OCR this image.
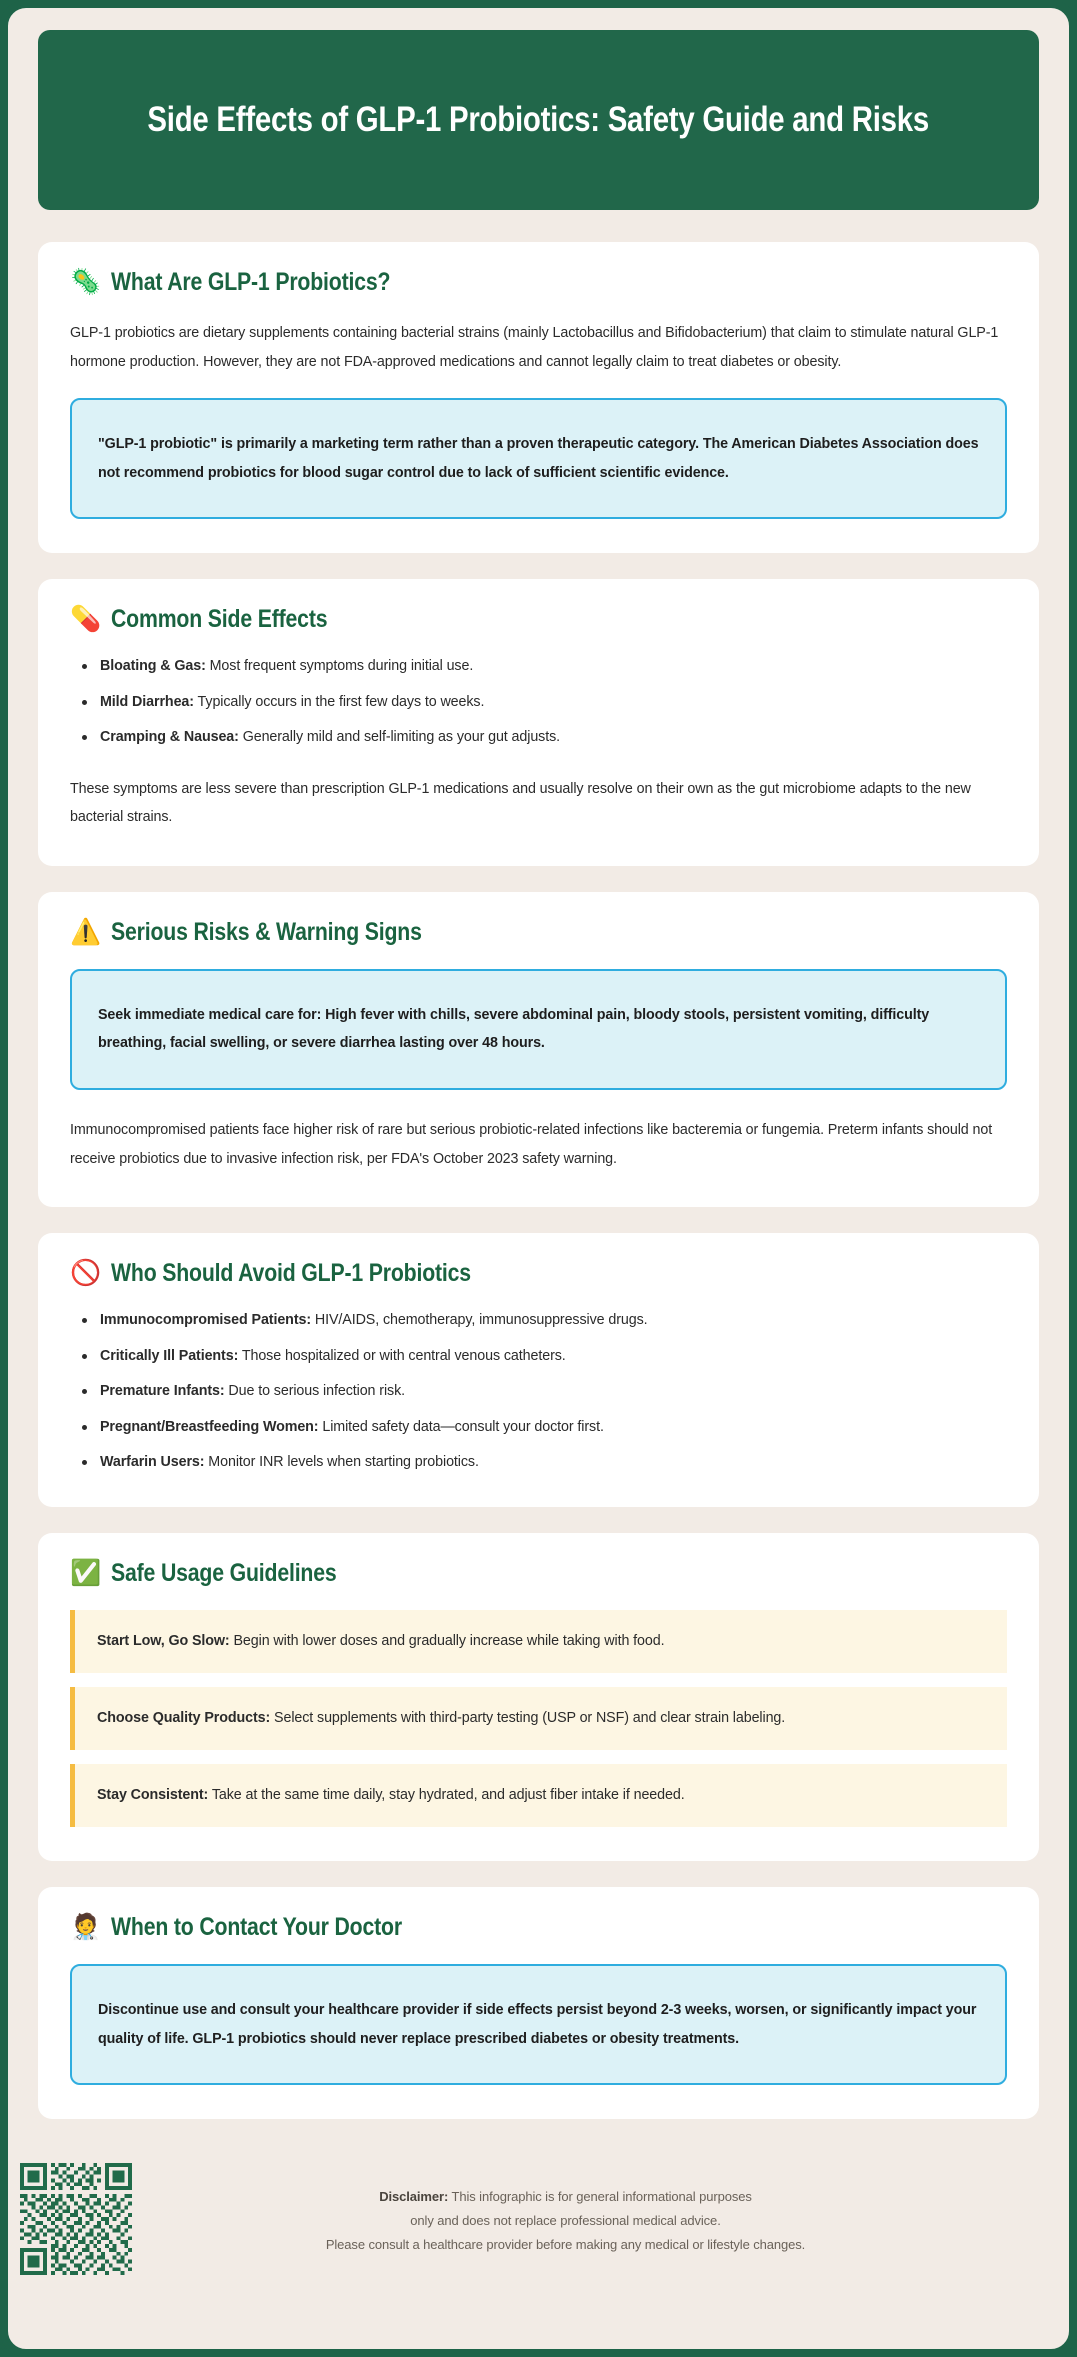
Side Effects of GLP-1 Probiotics: Safety Guide and Risks
🦠 What Are GLP-1 Probiotics?

GLP-1 probiotics are dietary supplements containing bacterial strains (mainly Lactobacillus and Bifidobacterium) that claim to stimulate natural GLP-1 hormone production. However, they are not FDA-approved medications and cannot legally claim to treat diabetes or obesity.

"GLP-1 probiotic" is primarily a marketing term rather than a proven therapeutic category. The American Diabetes Association does not recommend probiotics for blood sugar control due to lack of sufficient scientific evidence.

💊 Common Side Effects
Bloating & Gas: Most frequent symptoms during initial use.
Mild Diarrhea: Typically occurs in the first few days to weeks.
Cramping & Nausea: Generally mild and self-limiting as your gut adjusts.

These symptoms are less severe than prescription GLP-1 medications and usually resolve on their own as the gut microbiome adapts to the new bacterial strains.

⚠️ Serious Risks & Warning Signs

Seek immediate medical care for: High fever with chills, severe abdominal pain, bloody stools, persistent vomiting, difficulty breathing, facial swelling, or severe diarrhea lasting over 48 hours.

Immunocompromised patients face higher risk of rare but serious probiotic-related infections like bacteremia or fungemia. Preterm infants should not receive probiotics due to invasive infection risk, per FDA's October 2023 safety warning.

🚫 Who Should Avoid GLP-1 Probiotics
Immunocompromised Patients: HIV/AIDS, chemotherapy, immunosuppressive drugs.
Critically Ill Patients: Those hospitalized or with central venous catheters.
Premature Infants: Due to serious infection risk.
Pregnant/Breastfeeding Women: Limited safety data—consult your doctor first.
Warfarin Users: Monitor INR levels when starting probiotics.
✅ Safe Usage Guidelines
Start Low, Go Slow: Begin with lower doses and gradually increase while taking with food.
Choose Quality Products: Select supplements with third-party testing (USP or NSF) and clear strain labeling.
Stay Consistent: Take at the same time daily, stay hydrated, and adjust fiber intake if needed.
🧑‍⚕️ When to Contact Your Doctor

Discontinue use and consult your healthcare provider if side effects persist beyond 2-3 weeks, worsen, or significantly impact your quality of life. GLP-1 probiotics should never replace prescribed diabetes or obesity treatments.

Disclaimer: This infographic is for general informational purposes
only and does not replace professional medical advice.
Please consult a healthcare provider before making any medical or lifestyle changes.
